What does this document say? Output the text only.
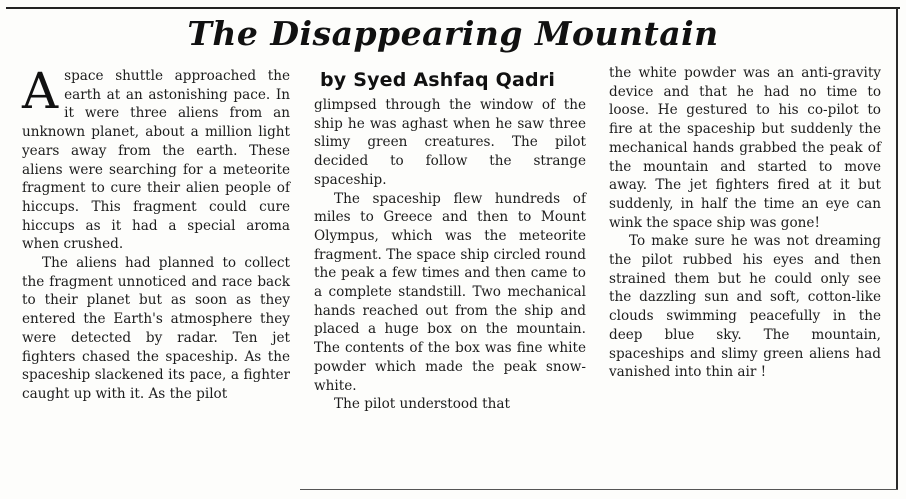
The Disappearing Mountain

Aspace shuttle approached the earth at an astonishing pace. In it were three aliens from an unknown planet, about a million light years away from the earth. These aliens were searching for a meteorite fragment to cure their alien people of hiccups. This fragment could cure hiccups as it had a special aroma when crushed.

The aliens had planned to collect the fragment unnoticed and race back to their planet but as soon as they entered the Earth's atmosphere they were detected by radar. Ten jet fighters chased the spaceship. As the spaceship slackened its pace, a fighter caught up with it. As the pilot

by Syed Ashfaq Qadri

glimpsed through the window of the ship he was aghast when he saw three slimy green creatures. The pilot decided to follow the strange spaceship.

The spaceship flew hundreds of miles to Greece and then to Mount Olympus, which was the meteorite fragment. The space ship circled round the peak a few times and then came to a complete standstill. Two mechanical hands reached out from the ship and placed a huge box on the mountain. The contents of the box was fine white powder which made the peak snow-white.

The pilot understood that

the white powder was an anti-gravity device and that he had no time to loose. He gestured to his co-pilot to fire at the spaceship but suddenly the mechanical hands grabbed the peak of the mountain and started to move away. The jet fighters fired at it but suddenly, in half the time an eye can wink the space ship was gone!

To make sure he was not dreaming the pilot rubbed his eyes and then strained them but he could only see the dazzling sun and soft, cotton-like clouds swimming peacefully in the deep blue sky. The mountain, spaceships and slimy green aliens had vanished into thin air !
